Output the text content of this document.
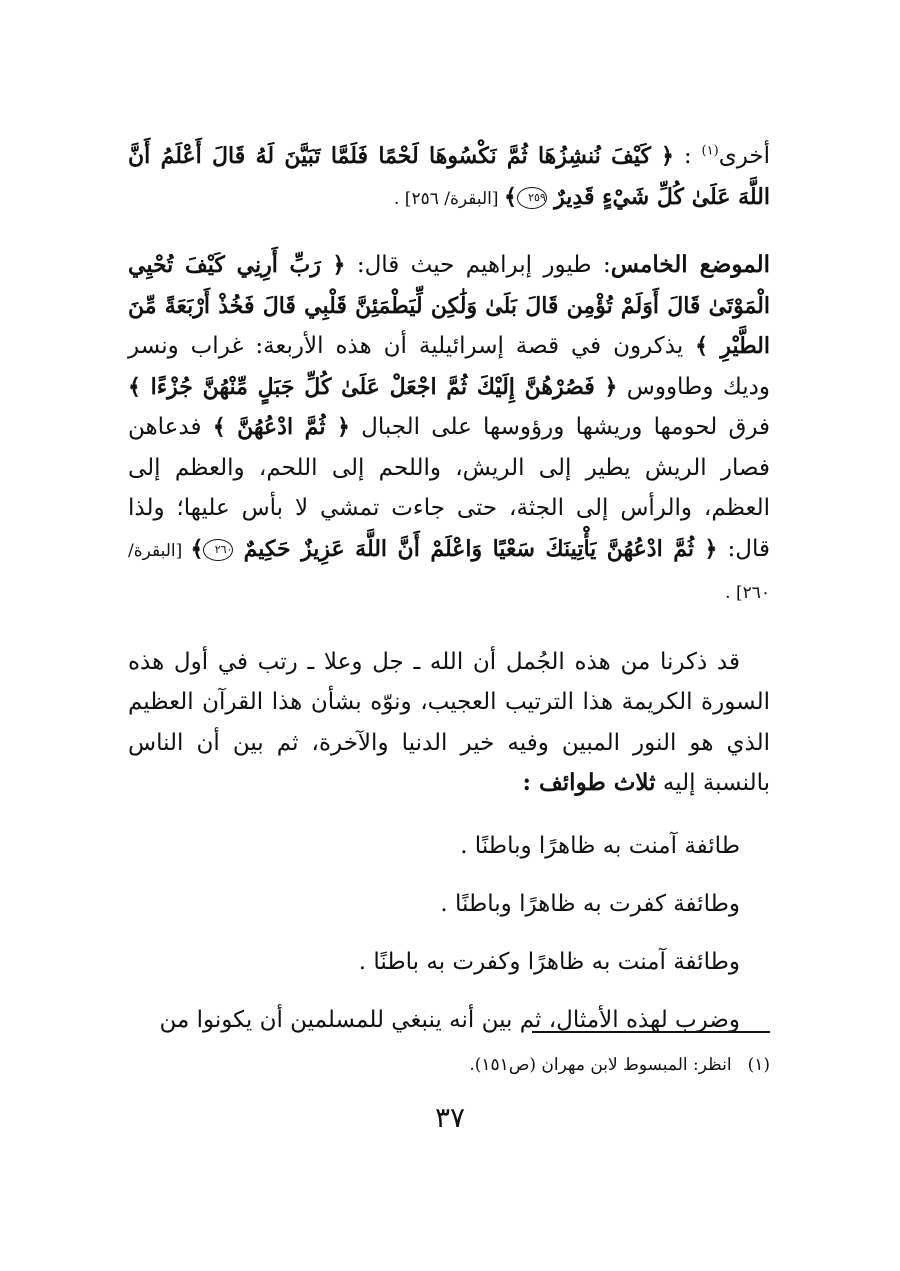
أخرى$^{(١)}$ : ﴿ كَيْفَ نُنشِزُهَا ثُمَّ نَكْسُوهَا لَحْمًا فَلَمَّا تَبَيَّنَ لَهُ قَالَ أَعْلَمُ أَنَّ اللَّهَ عَلَىٰ كُلِّ شَيْءٍ قَدِيرٌ ٢٥٩﴾ [البقرة/ ٢٥٦] .

الموضع الخامس: طيور إبراهيم حيث قال: ﴿ رَبِّ أَرِنِي كَيْفَ تُحْيِي الْمَوْتَىٰ قَالَ أَوَلَمْ تُؤْمِن قَالَ بَلَىٰ وَلَٰكِن لِّيَطْمَئِنَّ قَلْبِي قَالَ فَخُذْ أَرْبَعَةً مِّنَ الطَّيْرِ ﴾ يذكرون في قصة إسرائيلية أن هذه الأربعة: غراب ونسر وديك وطاووس ﴿ فَصُرْهُنَّ إِلَيْكَ ثُمَّ اجْعَلْ عَلَىٰ كُلِّ جَبَلٍ مِّنْهُنَّ جُزْءًا ﴾ فرق لحومها وريشها ورؤوسها على الجبال ﴿ ثُمَّ ادْعُهُنَّ ﴾ فدعاهن فصار الريش يطير إلى الريش، واللحم إلى اللحم، والعظم إلى العظم، والرأس إلى الجثة، حتى جاءت تمشي لا بأس عليها؛ ولذا قال: ﴿ ثُمَّ ادْعُهُنَّ يَأْتِينَكَ سَعْيًا وَاعْلَمْ أَنَّ اللَّهَ عَزِيزٌ حَكِيمٌ ٢٦٠﴾ [البقرة/ ٢٦٠] .

قد ذكرنا من هذه الجُمل أن الله ـ جل وعلا ـ رتب في أول هذه السورة الكريمة هذا الترتيب العجيب، ونوّه بشأن هذا القرآن العظيم الذي هو النور المبين وفيه خير الدنيا والآخرة، ثم بين أن الناس بالنسبة إليه ثلاث طوائف :

طائفة آمنت به ظاهرًا وباطنًا .

وطائفة كفرت به ظاهرًا وباطنًا .

وطائفة آمنت به ظاهرًا وكفرت به باطنًا .

وضرب لهذه الأمثال، ثم بين أنه ينبغي للمسلمين أن يكونوا من

(١)انظر: المبسوط لابن مهران (ص١٥١).
٣٧
